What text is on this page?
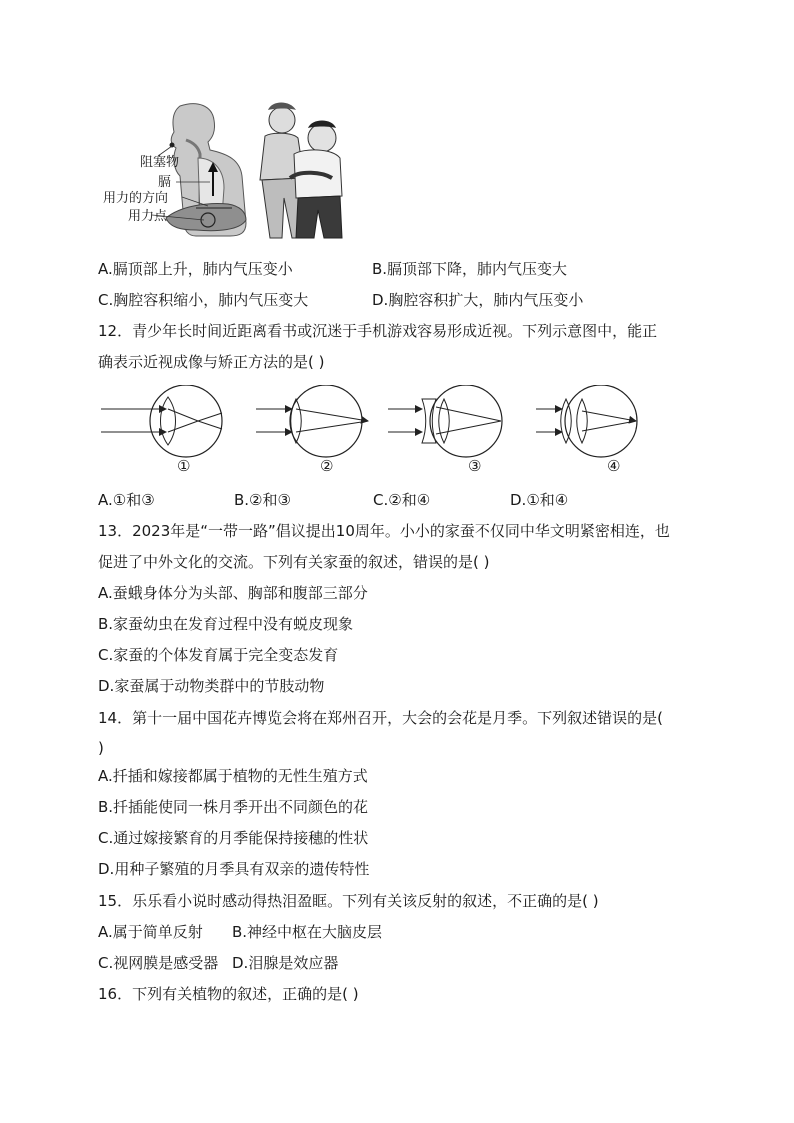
阻塞物
膈
用力的方向
用力点
A.膈顶部上升，肺内气压变小	B.膈顶部下降，肺内气压变大
C.胸腔容积缩小，肺内气压变大	D.胸腔容积扩大，肺内气压变小
12．青少年长时间近距离看书或沉迷于手机游戏容易形成近视。下列示意图中，能正
确表示近视成像与矫正方法的是( )
①	②	③	④
A.①和③	B.②和③	C.②和④	D.①和④
13．2023年是“一带一路”倡议提出10周年。小小的家蚕不仅同中华文明紧密相连，也
促进了中外文化的交流。下列有关家蚕的叙述，错误的是( )
A.蚕蛾身体分为头部、胸部和腹部三部分
B.家蚕幼虫在发育过程中没有蜕皮现象
C.家蚕的个体发育属于完全变态发育
D.家蚕属于动物类群中的节肢动物
14．第十一届中国花卉博览会将在郑州召开，大会的会花是月季。下列叙述错误的是(
)
A.扦插和嫁接都属于植物的无性生殖方式
B.扦插能使同一株月季开出不同颜色的花
C.通过嫁接繁育的月季能保持接穗的性状
D.用种子繁殖的月季具有双亲的遗传特性
15．乐乐看小说时感动得热泪盈眶。下列有关该反射的叙述，不正确的是( )
A.属于简单反射 B.神经中枢在大脑皮层
C.视网膜是感受器 D.泪腺是效应器
16．下列有关植物的叙述，正确的是( )
